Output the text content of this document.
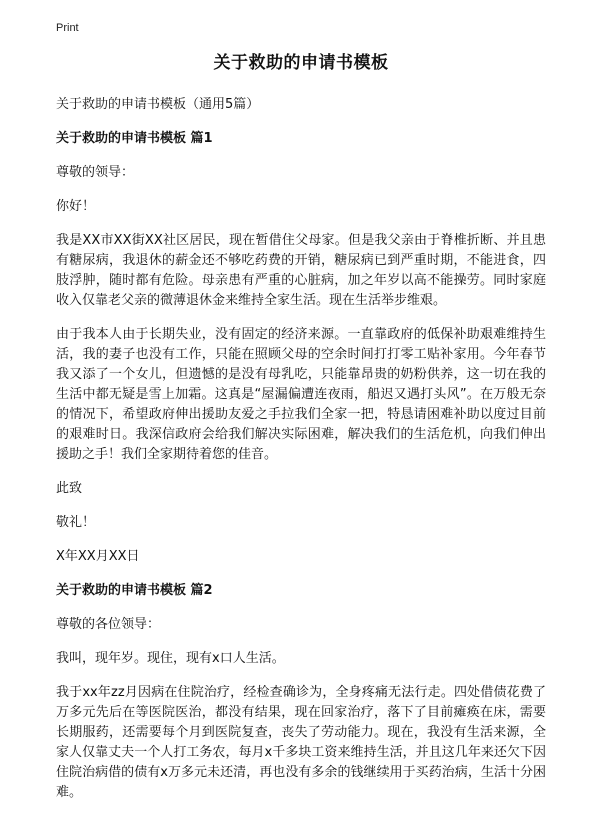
Print
关于救助的申请书模板

关于救助的申请书模板（通用5篇）

关于救助的申请书模板 篇1

尊敬的领导：

你好！

我是XX市XX街XX社区居民，现在暂借住父母家。但是我父亲由于脊椎折断、并且患有糖尿病，我退休的薪金还不够吃药费的开销，糖尿病已到严重时期，不能进食，四肢浮肿，随时都有危险。母亲患有严重的心脏病，加之年岁以高不能操劳。同时家庭收入仅靠老父亲的微薄退休金来维持全家生活。现在生活举步维艰。

由于我本人由于长期失业，没有固定的经济来源。一直靠政府的低保补助艰难维持生活，我的妻子也没有工作，只能在照顾父母的空余时间打打零工贴补家用。今年春节我又添了一个女儿，但遗憾的是没有母乳吃，只能靠昂贵的奶粉供养，这一切在我的生活中都无疑是雪上加霜。这真是“屋漏偏遭连夜雨，船迟又遇打头风”。在万般无奈的情况下，希望政府伸出援助友爱之手拉我们全家一把，特恳请困难补助以度过目前的艰难时日。我深信政府会给我们解决实际困难，解决我们的生活危机，向我们伸出援助之手！我们全家期待着您的佳音。

此致

敬礼！

X年XX月XX日

关于救助的申请书模板 篇2

尊敬的各位领导：

我叫，现年岁。现住，现有x口人生活。

我于xx年zz月因病在住院治疗，经检查确诊为，全身疼痛无法行走。四处借债花费了万多元先后在等医院医治，都没有结果，现在回家治疗，落下了目前瘫痪在床，需要长期服药，还需要每个月到医院复查，丧失了劳动能力。现在，我没有生活来源，全家人仅靠丈夫一个人打工务农，每月x千多块工资来维持生活，并且这几年来还欠下因住院治病借的债有x万多元未还清，再也没有多余的钱继续用于买药治病，生活十分困难。
